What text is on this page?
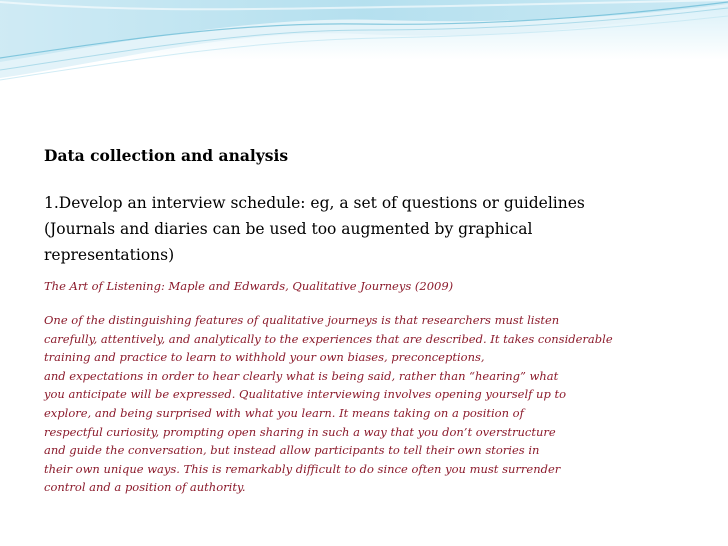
Data collection and analysis

1.Develop an interview schedule: eg, a set of questions or guidelines
(Journals and diaries can be used too augmented by graphical
representations)
The Art of Listening: Maple and Edwards, Qualitative Journeys (2009)
One of the distinguishing features of qualitative journeys is that researchers must listen
carefully, attentively, and analytically to the experiences that are described. It takes considerable
training and practice to learn to withhold your own biases, preconceptions,
and expectations in order to hear clearly what is being said, rather than “hearing” what
you anticipate will be expressed. Qualitative interviewing involves opening yourself up to
explore, and being surprised with what you learn. It means taking on a position of
respectful curiosity, prompting open sharing in such a way that you don’t overstructure
and guide the conversation, but instead allow participants to tell their own stories in
their own unique ways. This is remarkably difficult to do since often you must surrender
control and a position of authority.
